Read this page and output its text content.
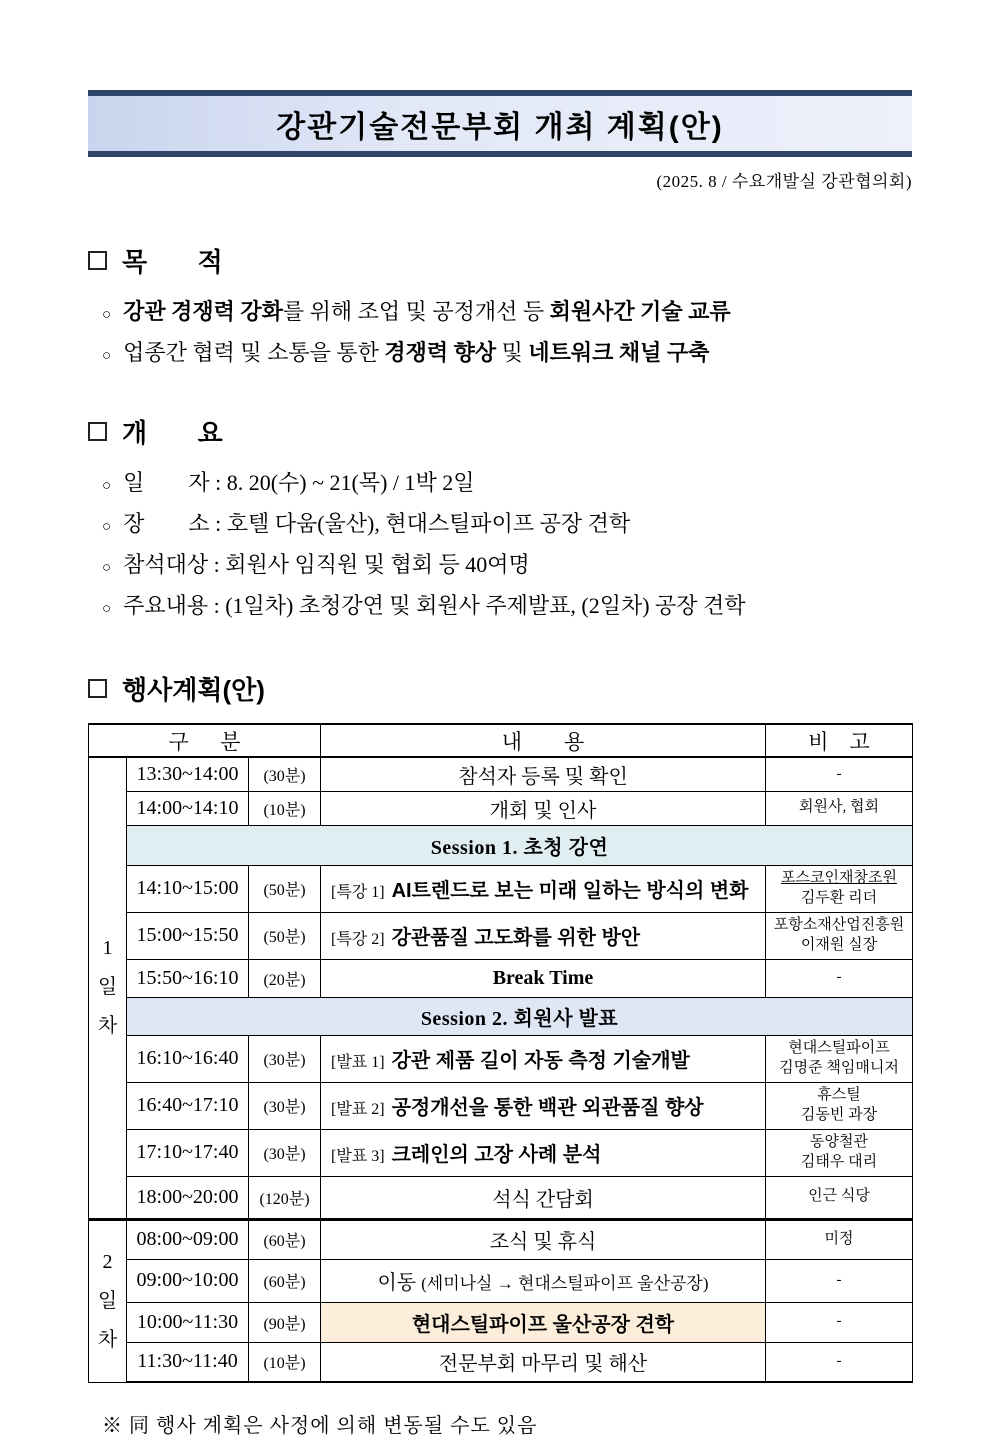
강관기술전문부회 개최 계획(안)
(2025. 8 / 수요개발실 강관협의회)
목       적
○ 강관 경쟁력 강화를 위해 조업 및 공정개선 등 회원사간 기술 교류
○ 업종간 협력 및 소통을 통한 경쟁력 향상 및 네트워크 채널 구축
개       요
○ 일        자 : 8. 20(수) ~ 21(목) / 1박 2일
○ 장        소 : 호텔 다움(울산), 현대스틸파이프 공장 견학
○ 참석대상 : 회원사 임직원 및 협회 등 40여명
○ 주요내용 : (1일차) 초청강연 및 회원사 주제발표, (2일차) 공장 견학
행사계획(안)
구      분			내        용	비    고
1일차	13:30~14:00	(30분)	참석자 등록 및 확인	-
	14:00~14:10	(10분)	개회 및 인사	회원사, 협회
	Session 1. 초청 강연			
	14:10~15:00	(50분)	[특강 1] AI트렌드로 보는 미래 일하는 방식의 변화	포스코인재창조원
김두환 리더
	15:00~15:50	(50분)	[특강 2] 강관품질 고도화를 위한 방안	포항소재산업진흥원
이재원 실장
	15:50~16:10	(20분)	Break Time	-
	Session 2. 회원사 발표			
	16:10~16:40	(30분)	[발표 1] 강관 제품 길이 자동 측정 기술개발	현대스틸파이프
김명준 책임매니저
	16:40~17:10	(30분)	[발표 2] 공정개선을 통한 백관 외관품질 향상	휴스틸
김동빈 과장
	17:10~17:40	(30분)	[발표 3] 크레인의 고장 사례 분석	동양철관
김태우 대리
	18:00~20:00	(120분)	석식 간담회	인근 식당
2일차	08:00~09:00	(60분)	조식 및 휴식	미정
	09:00~10:00	(60분)	이동 (세미나실 → 현대스틸파이프 울산공장)	-
	10:00~11:30	(90분)	현대스틸파이프 울산공장 견학	-
	11:30~11:40	(10분)	전문부회 마무리 및 해산	-
※ 同 행사 계획은 사정에 의해 변동될 수도 있음
